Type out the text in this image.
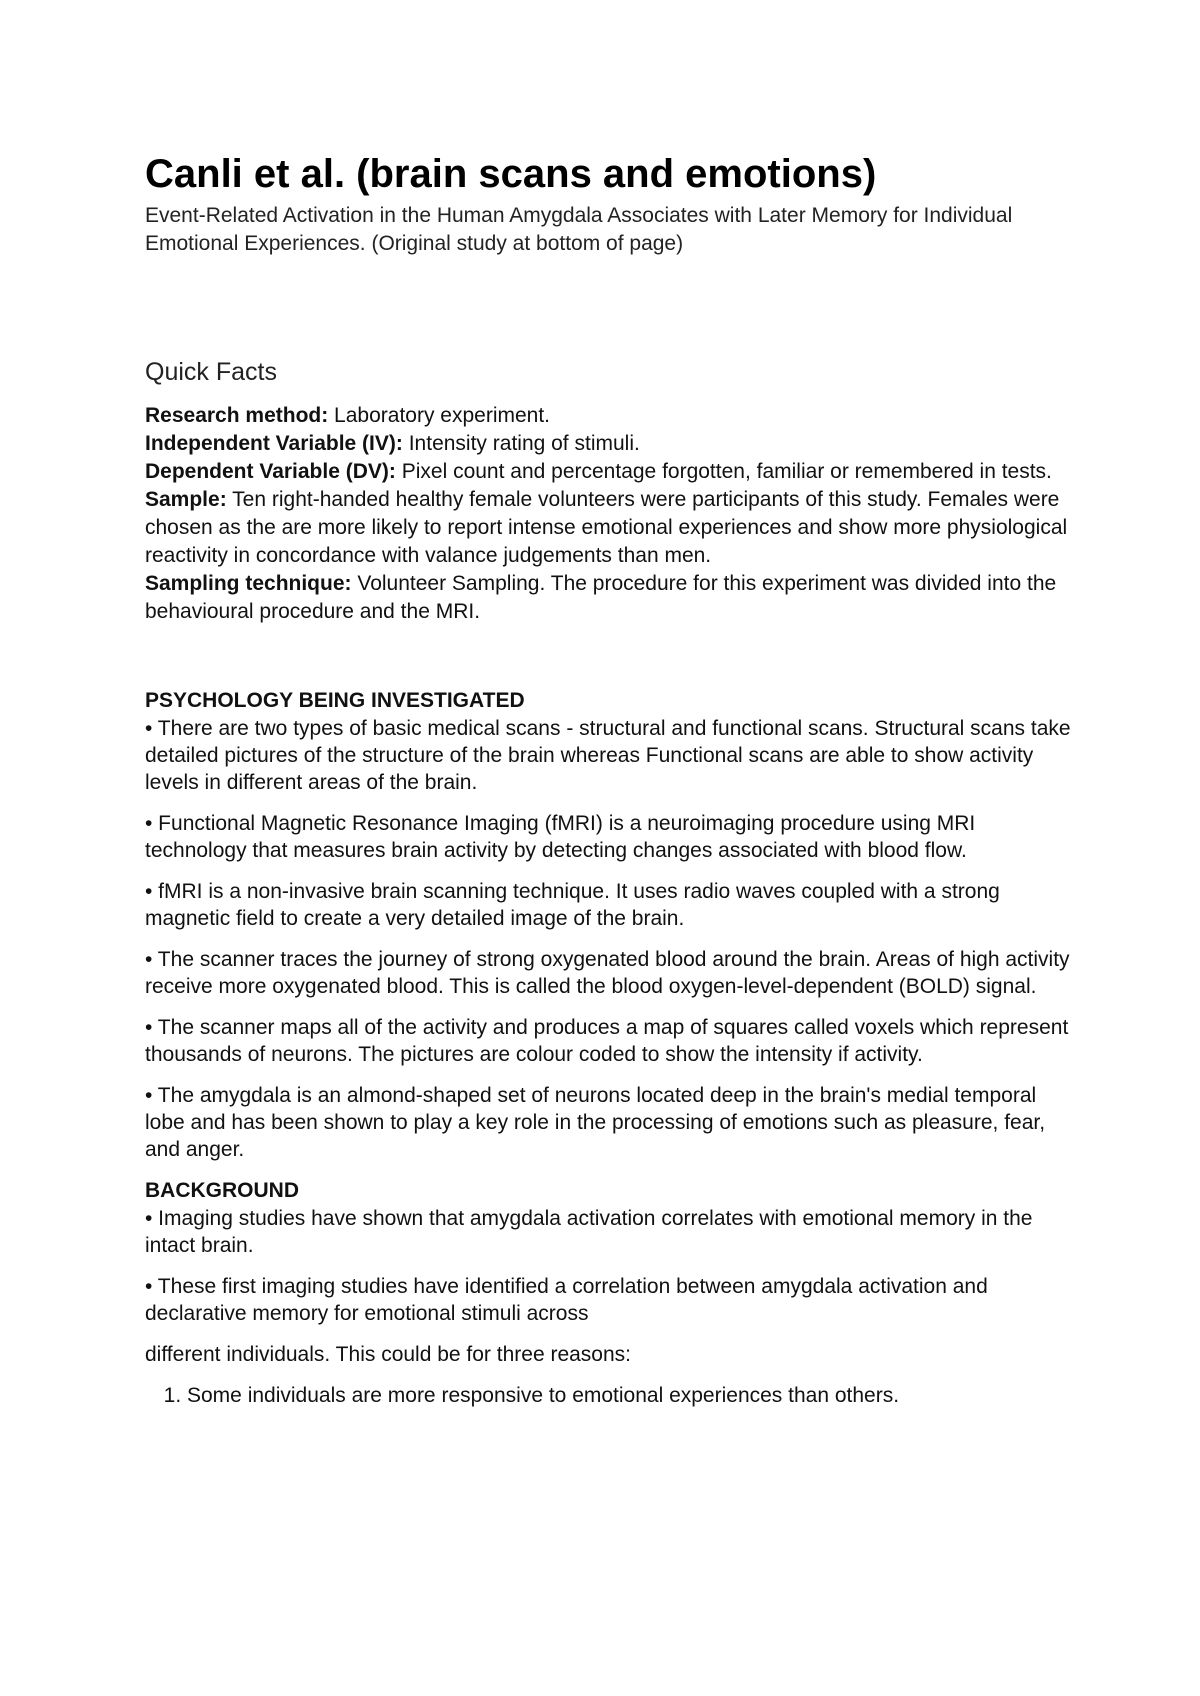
Canli et al. (brain scans and emotions)

Event-Related Activation in the Human Amygdala Associates with Later Memory for Individual Emotional Experiences. (Original study at bottom of page)

Quick Facts

Research method: Laboratory experiment.

Independent Variable (IV): Intensity rating of stimuli.

Dependent Variable (DV): Pixel count and percentage forgotten, familiar or remembered in tests.

Sample: Ten right-handed healthy female volunteers were participants of this study. Females were chosen as the are more likely to report intense emotional experiences and show more physiological reactivity in concordance with valance judgements than men.

Sampling technique: Volunteer Sampling. The procedure for this experiment was divided into the behavioural procedure and the MRI.

PSYCHOLOGY BEING INVESTIGATED

• There are two types of basic medical scans - structural and functional scans. Structural scans take detailed pictures of the structure of the brain whereas Functional scans are able to show activity levels in different areas of the brain.

• Functional Magnetic Resonance Imaging (fMRI) is a neuroimaging procedure using MRI technology that measures brain activity by detecting changes associated with blood flow.

• fMRI is a non-invasive brain scanning technique. It uses radio waves coupled with a strong magnetic field to create a very detailed image of the brain.

• The scanner traces the journey of strong oxygenated blood around the brain. Areas of high activity receive more oxygenated blood. This is called the blood oxygen-level-dependent (BOLD) signal.

• The scanner maps all of the activity and produces a map of squares called voxels which represent thousands of neurons. The pictures are colour coded to show the intensity if activity.

• The amygdala is an almond-shaped set of neurons located deep in the brain's medial temporal lobe and has been shown to play a key role in the processing of emotions such as pleasure, fear, and anger.

BACKGROUND

• Imaging studies have shown that amygdala activation correlates with emotional memory in the intact brain.

• These first imaging studies have identified a correlation between amygdala activation and declarative memory for emotional stimuli across

different individuals. This could be for three reasons:

1. Some individuals are more responsive to emotional experiences than others.
